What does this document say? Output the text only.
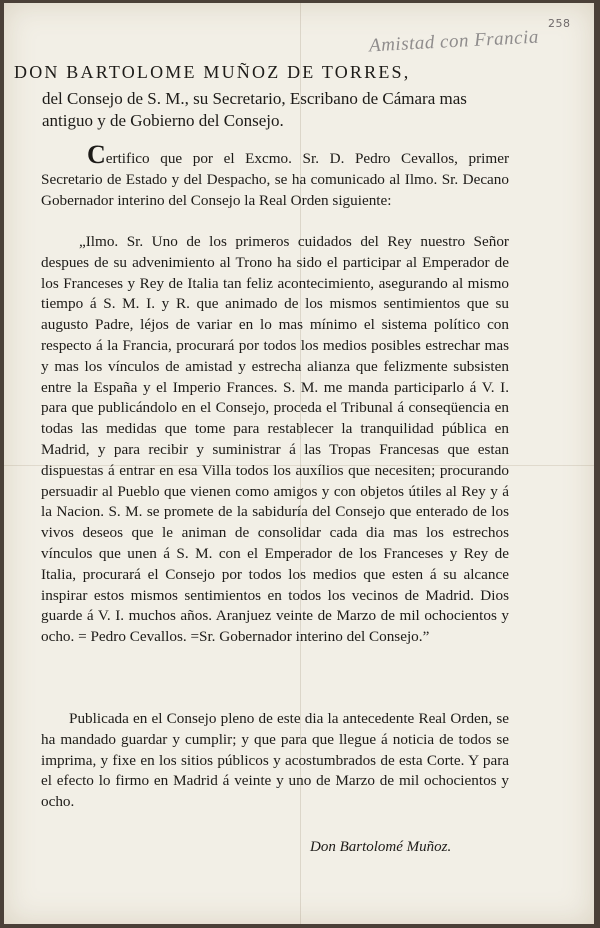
258
Amistad con Francia
DON BARTOLOME MUÑOZ DE TORRES,
del Consejo de S. M., su Secretario, Escribano de Cámara mas antiguo y de Gobierno del Consejo.
Certifico que por el Excmo. Sr. D. Pedro Cevallos, primer Secretario de Estado y del Despacho, se ha comunicado al Ilmo. Sr. Decano Gobernador interino del Consejo la Real Orden siguiente:
„Ilmo. Sr. Uno de los primeros cuidados del Rey nuestro Señor despues de su advenimiento al Trono ha sido el participar al Emperador de los Franceses y Rey de Italia tan feliz acontecimiento, asegurando al mismo tiempo á S. M. I. y R. que animado de los mismos sentimientos que su augusto Padre, léjos de variar en lo mas mínimo el sistema político con respecto á la Francia, procurará por todos los medios posibles estrechar mas y mas los vínculos de amistad y estrecha alianza que felizmente subsisten entre la España y el Imperio Frances. S. M. me manda participarlo á V. I. para que publicándolo en el Consejo, proceda el Tribunal á conseqüencia en todas las medidas que tome para restablecer la tranquilidad pública en Madrid, y para recibir y suministrar á las Tropas Francesas que estan dispuestas á entrar en esa Villa todos los auxílios que necesiten; procurando persuadir al Pueblo que vienen como amigos y con objetos útiles al Rey y á la Nacion. S. M. se promete de la sabiduría del Consejo que enterado de los vivos deseos que le animan de consolidar cada dia mas los estrechos vínculos que unen á S. M. con el Emperador de los Franceses y Rey de Italia, procurará el Consejo por todos los medios que esten á su alcance inspirar estos mismos sentimientos en todos los vecinos de Madrid. Dios guarde á V. I. muchos años. Aranjuez veinte de Marzo de mil ochocientos y ocho. = Pedro Cevallos. =Sr. Gobernador interino del Consejo.”
Publicada en el Consejo pleno de este dia la antecedente Real Orden, se ha mandado guardar y cumplir; y que para que llegue á noticia de todos se imprima, y fixe en los sitios públicos y acostumbrados de esta Corte. Y para el efecto lo firmo en Madrid á veinte y uno de Marzo de mil ochocientos y ocho.
Don Bartolomé Muñoz.
